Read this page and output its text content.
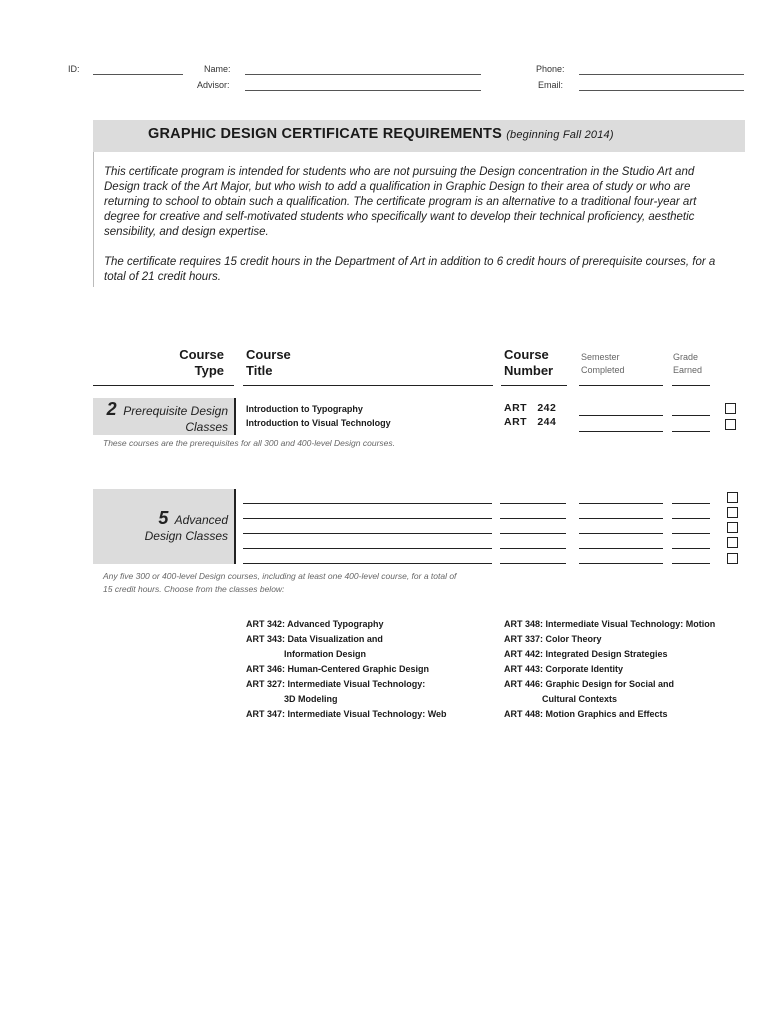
ID:	Name:
Advisor:
Phone:
Email:
GRAPHIC DESIGN CERTIFICATE REQUIREMENTS (beginning Fall 2014)
This certificate program is intended for students who are not pursuing the Design concentration in the Studio Art and Design track of the Art Major, but who wish to add a qualification in Graphic Design to their area of study or who are returning to school to obtain such a qualification. The certificate program is an alternative to a traditional four-year art degree for creative and self-motivated students who specifically want to develop their technical proficiency, aesthetic sensibility, and design expertise.
The certificate requires 15 credit hours in the Department of Art in addition to 6 credit hours of prerequisite courses, for a total of 21 credit hours.
Course
Type
Course
Title
Course
Number
Semester
Completed
Grade
Earned
2 Prerequisite Design
Classes
Introduction to Typography
Introduction to Visual Technology
ART   242
ART   244
These courses are the prerequisites for all 300 and 400-level Design courses.
5 Advanced
Design Classes
Any five 300 or 400-level Design courses, including at least one 400-level course, for a total of
15 credit hours. Choose from the classes below:
ART 342: Advanced Typography
ART 343: Data Visualization and
Information Design
ART 346: Human-Centered Graphic Design
ART 327: Intermediate Visual Technology:
3D Modeling
ART 347: Intermediate Visual Technology: Web
ART 348: Intermediate Visual Technology: Motion
ART 337: Color Theory
ART 442: Integrated Design Strategies
ART 443: Corporate Identity
ART 446: Graphic Design for Social and
Cultural Contexts
ART 448: Motion Graphics and Effects
